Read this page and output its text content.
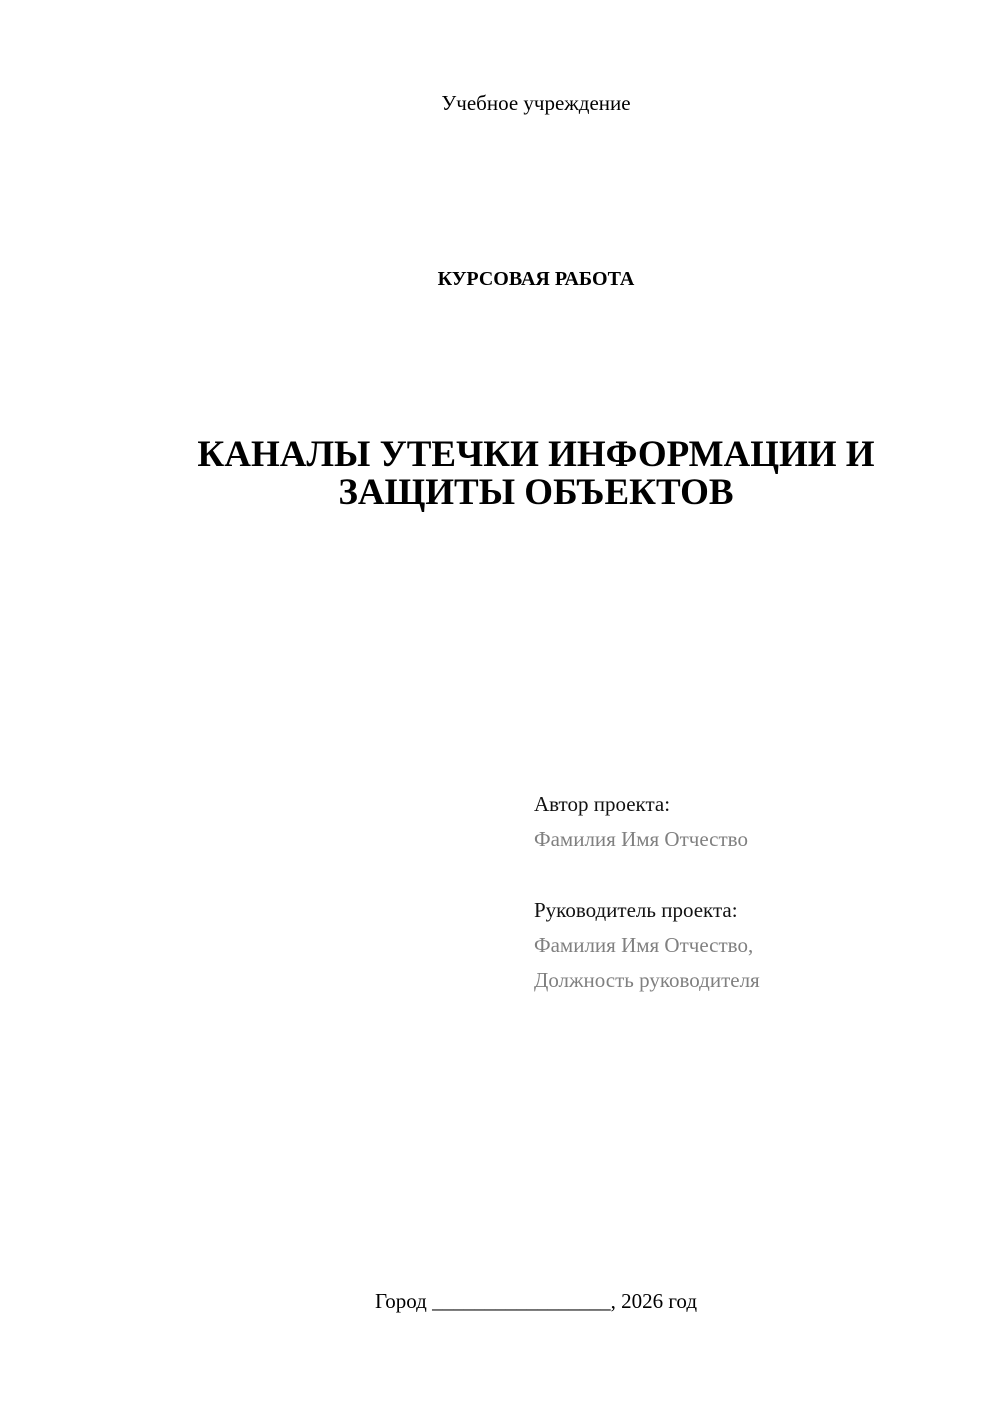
Учебное учреждение
КУРСОВАЯ РАБОТА
КАНАЛЫ УТЕЧКИ ИНФОРМАЦИИ И
ЗАЩИТЫ ОБЪЕКТОВ
Автор проекта:
Фамилия Имя Отчество
Руководитель проекта:
Фамилия Имя Отчество,
Должность руководителя
Город _________________, 2026 год
